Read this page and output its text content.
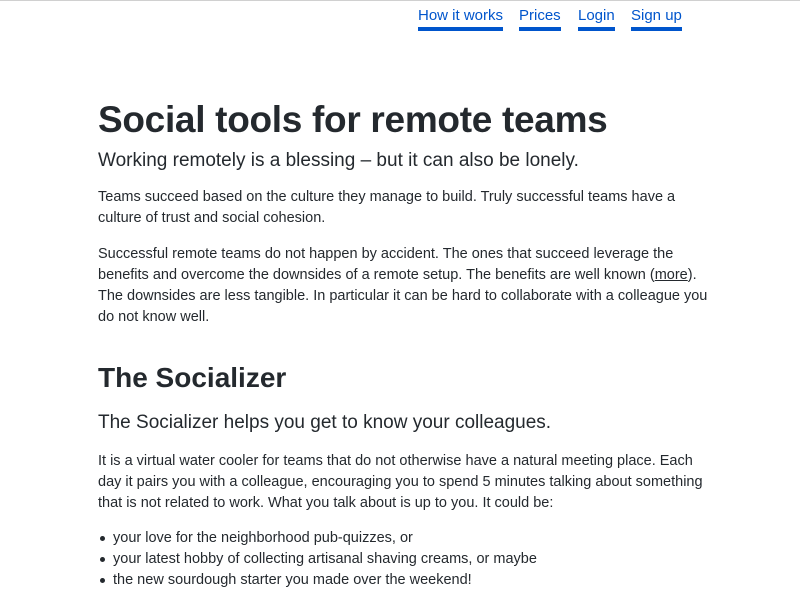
How it works Prices Login Sign up
Social tools for remote teams
Working remotely is a blessing – but it can also be lonely.

Teams succeed based on the culture they manage to build. Truly successful teams have a culture of trust and social cohesion.

Successful remote teams do not happen by accident. The ones that succeed leverage the benefits and overcome the downsides of a remote setup. The benefits are well known (more). The downsides are less tangible. In particular it can be hard to collaborate with a colleague you do not know well.

The Socializer
The Socializer helps you get to know your colleagues.

It is a virtual water cooler for teams that do not otherwise have a natural meeting place. Each day it pairs you with a colleague, encouraging you to spend 5 minutes talking about something that is not related to work. What you talk about is up to you. It could be:

your love for the neighborhood pub-quizzes, or
your latest hobby of collecting artisanal shaving creams, or maybe
the new sourdough starter you made over the weekend!
